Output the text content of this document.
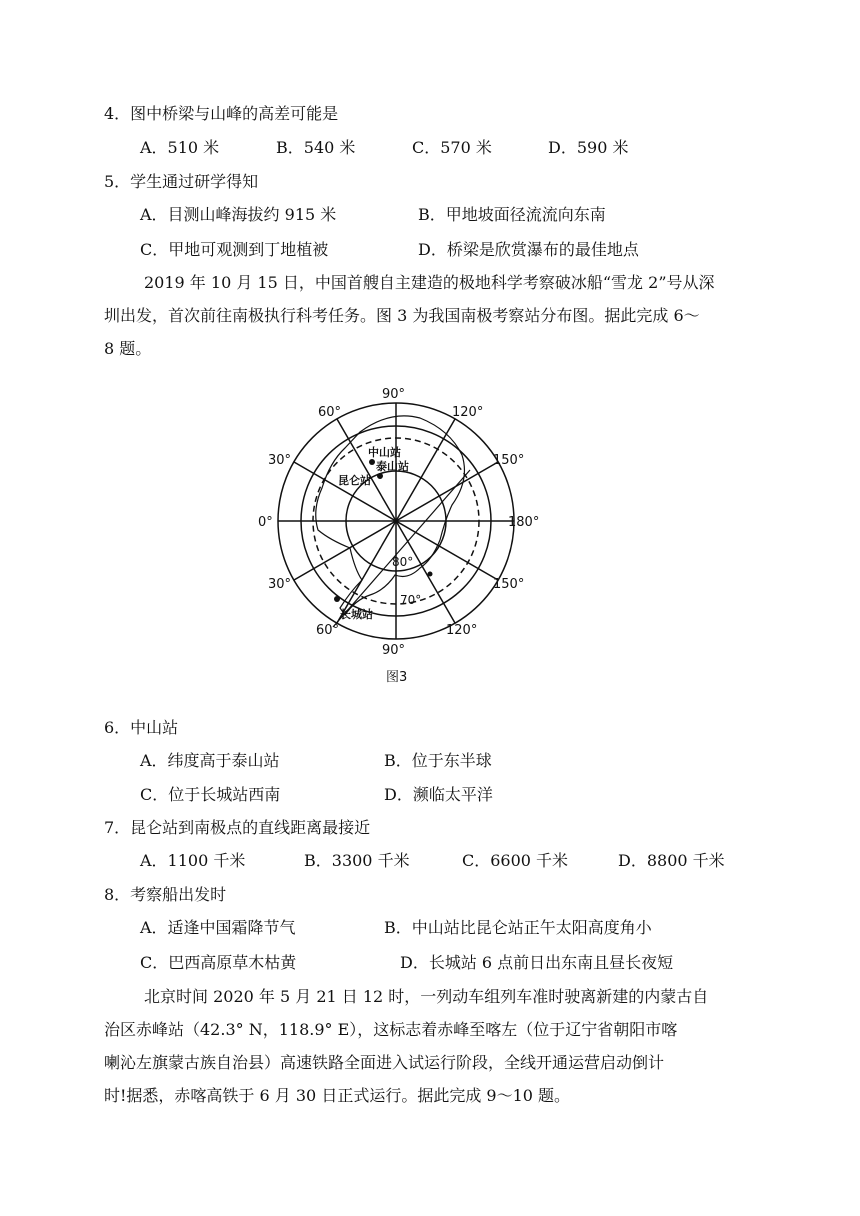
4．图中桥梁与山峰的高差可能是
A．510 米	B．540 米	C．570 米	D．590 米
5．学生通过研学得知
A．目测山峰海拔约 915 米	B．甲地坡面径流流向东南
C．甲地可观测到丁地植被	D．桥梁是欣赏瀑布的最佳地点

2019 年 10 月 15 日，中国首艘自主建造的极地科学考察破冰船“雪龙 2”号从深

圳出发，首次前往南极执行科考任务。图 3 为我国南极考察站分布图。据此完成 6～

8 题。

90°
90°
0°	180°
60°	120°
30°	150°
30°	150°
60°	120°
80°
70°
中山站
泰山站
昆仑站
长城站
图3
6．中山站
A．纬度高于泰山站	B．位于东半球
C．位于长城站西南	D．濒临太平洋
7．昆仑站到南极点的直线距离最接近
A．1100 千米	B．3300 千米	C．6600 千米	D．8800 千米
8．考察船出发时
A．适逢中国霜降节气	B．中山站比昆仑站正午太阳高度角小
C．巴西高原草木枯黄	D．长城站 6 点前日出东南且昼长夜短

北京时间 2020 年 5 月 21 日 12 时，一列动车组列车准时驶离新建的内蒙古自

治区赤峰站（42.3° N，118.9° E），这标志着赤峰至喀左（位于辽宁省朝阳市喀

喇沁左旗蒙古族自治县）高速铁路全面进入试运行阶段，全线开通运营启动倒计

时!据悉，赤喀高铁于 6 月 30 日正式运行。据此完成 9～10 题。
